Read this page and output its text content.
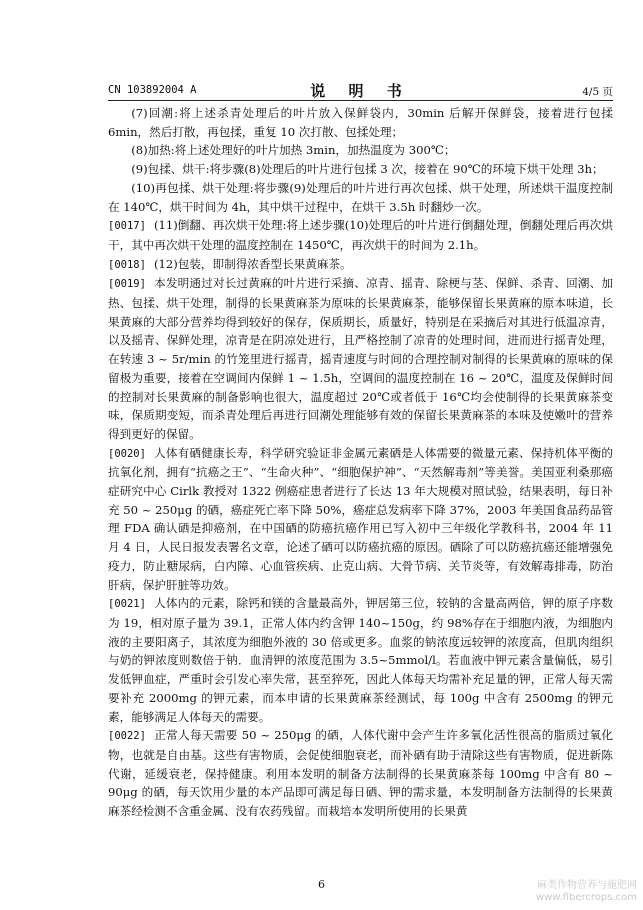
CN 103892004 A	说 明 书	4/5 页

(7)回潮:将上述杀青处理后的叶片放入保鲜袋内，30min 后解开保鲜袋，接着进行包揉 6min，然后打散，再包揉，重复 10 次打散、包揉处理；

(8)加热:将上述处理好的叶片加热 3min，加热温度为 300℃；

(9)包揉、烘干:将步骤(8)处理后的叶片进行包揉 3 次，接着在 90℃的环境下烘干处理 3h；

(10)再包揉、烘干处理:将步骤(9)处理后的叶片进行再次包揉、烘干处理，所述烘干温度控制在 140℃，烘干时间为 4h，其中烘干过程中，在烘干 3.5h 时翻炒一次。

[0017] (11)倒翻、再次烘干处理:将上述步骤(10)处理后的叶片进行倒翻处理，倒翻处理后再次烘干，其中再次烘干处理的温度控制在 1450℃，再次烘干的时间为 2.1h。

[0018] (12)包装，即制得浓香型长果黄麻茶。

[0019] 本发明通过对长过黄麻的叶片进行采摘、凉青、摇青、除梗与茎、保鲜、杀青、回潮、加热、包揉、烘干处理，制得的长果黄麻茶为原味的长果黄麻茶，能够保留长果黄麻的原本味道，长果黄麻的大部分营养均得到较好的保存，保质期长，质量好，特别是在采摘后对其进行低温凉青，以及摇青、保鲜处理，凉青是在阴凉处进行，且严格控制了凉青的处理时间，进而进行摇青处理，在转速 3 ~ 5r/min 的竹笼里进行摇青，摇青速度与时间的合理控制对制得的长果黄麻的原味的保留极为重要，接着在空调间内保鲜 1 ~ 1.5h，空调间的温度控制在 16 ~ 20℃，温度及保鲜时间的控制对长果黄麻的制备影响也很大，温度超过 20℃或者低于 16℃均会使制得的长果黄麻茶变味，保质期变短，而杀青处理后再进行回潮处理能够有效的保留长果黄麻茶的本味及使嫩叶的营养得到更好的保留。

[0020] 人体有硒健康长寿，科学研究验证非金属元素硒是人体需要的微量元素、保持机体平衡的抗氧化剂，拥有“抗癌之王”、“生命火种”、“细胞保护神”、“天然解毒剂”等美誉。美国亚利桑那癌症研究中心 Cirlk 教授对 1322 例癌症患者进行了长达 13 年大规模对照试验，结果表明，每日补充 50 ~ 250μg 的硒，癌症死亡率下降 50%，癌症总发病率下降 37%，2003 年美国食品药品管理 FDA 确认硒是抑癌剂，在中国硒的防癌抗癌作用已写入初中三年级化学教科书，2004 年 11 月 4 日，人民日报发表署名文章，论述了硒可以防癌抗癌的原因。硒除了可以防癌抗癌还能增强免疫力，防止糖尿病，白内障、心血管疾病、止克山病、大骨节病、关节炎等，有效解毒排毒，防治肝病，保护肝脏等功效。

[0021] 人体内的元素，除钙和镁的含量最高外，钾居第三位，较钠的含量高两倍，钾的原子序数为 19，相对原子量为 39.1，正常人体内约含钾 140~150g，约 98%存在于细胞内液，为细胞内液的主要阳离子，其浓度为细胞外液的 30 倍或更多。血浆的钠浓度远较钾的浓度高，但肌肉组织与奶的钾浓度则数倍于钠．血清钾的浓度范围为 3.5~5mmol/l。若血液中钾元素含量偏低，易引发低钾血症，严重时会引发心率失常，甚至猝死，因此人体每天均需补充足量的钾，正常人每天需要补充 2000mg 的钾元素，而本申请的长果黄麻茶经测试，每 100g 中含有 2500mg 的钾元素，能够满足人体每天的需要。

[0022] 正常人每天需要 50 ~ 250μg 的硒，人体代谢中会产生许多氧化活性很高的脂质过氧化物，也就是自由基。这些有害物质，会促使细胞衰老，而补硒有助于清除这些有害物质，促进新陈代谢，延缓衰老，保持健康。利用本发明的制备方法制得的长果黄麻茶每 100mg 中含有 80 ~ 90μg 的硒，每天饮用少量的本产品即可满足每日硒、钾的需求量，本发明制备方法制得的长果黄麻茶经检测不含重金属、没有农药残留。而栽培本发明所使用的长果黄

6	麻类作物营养与施肥网
www.fibercrops.com
